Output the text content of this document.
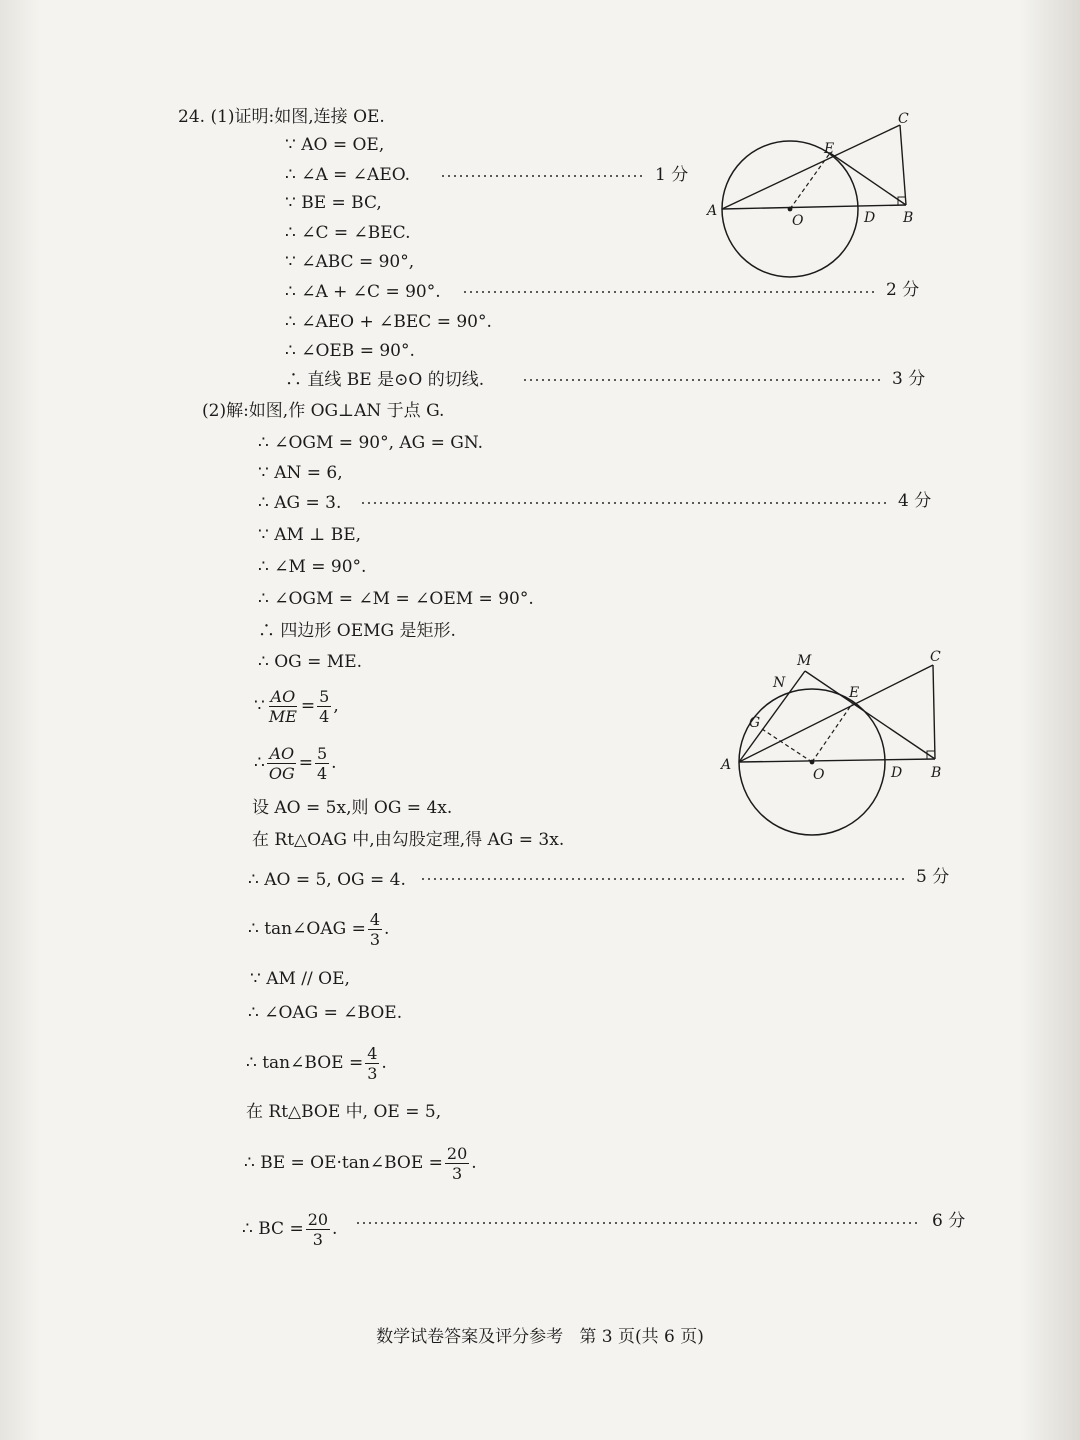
24. (1)证明:如图,连接 OE.
∵ AO = OE,
∴ ∠A = ∠AEO.	1 分
∵ BE = BC,
∴ ∠C = ∠BEC.
∵ ∠ABC = 90°,
∴ ∠A + ∠C = 90°.	2 分
∴ ∠AEO + ∠BEC = 90°.
∴ ∠OEB = 90°.
∴ 直线 BE 是⊙O 的切线.	3 分
A
O	D B
C
E
(2)解:如图,作 OG⊥AN 于点 G.
∴ ∠OGM = 90°, AG = GN.
∵ AN = 6,
∴ AG = 3.	4 分
∵ AM ⊥ BE,
∴ ∠M = 90°.
∴ ∠OGM = ∠M = ∠OEM = 90°.
∴ 四边形 OEMG 是矩形.
∴ OG = ME.
∵ $\frac{AO}{ME} = \frac{5}{4}$ ,
∴ $\frac{AO}{OG} = \frac{5}{4}$ .
设 AO = 5x,则 OG = 4x.
在 Rt△OAG 中,由勾股定理,得 AG = 3x.
∴ AO = 5, OG = 4.	5 分
∴ tan∠OAG = $\frac{4}{3}$ .
∵ AM // OE,
∴ ∠OAG = ∠BOE.
∴ tan∠BOE = $\frac{4}{3}$ .
在 Rt△BOE 中, OE = 5,
∴ BE = OE·tan∠BOE = $\frac{20}{3}$ .
∴ BC = $\frac{20}{3}$ .	6 分
A
O	D B
C
E
M
N
G
数学试卷答案及评分参考 第 3 页(共 6 页)
